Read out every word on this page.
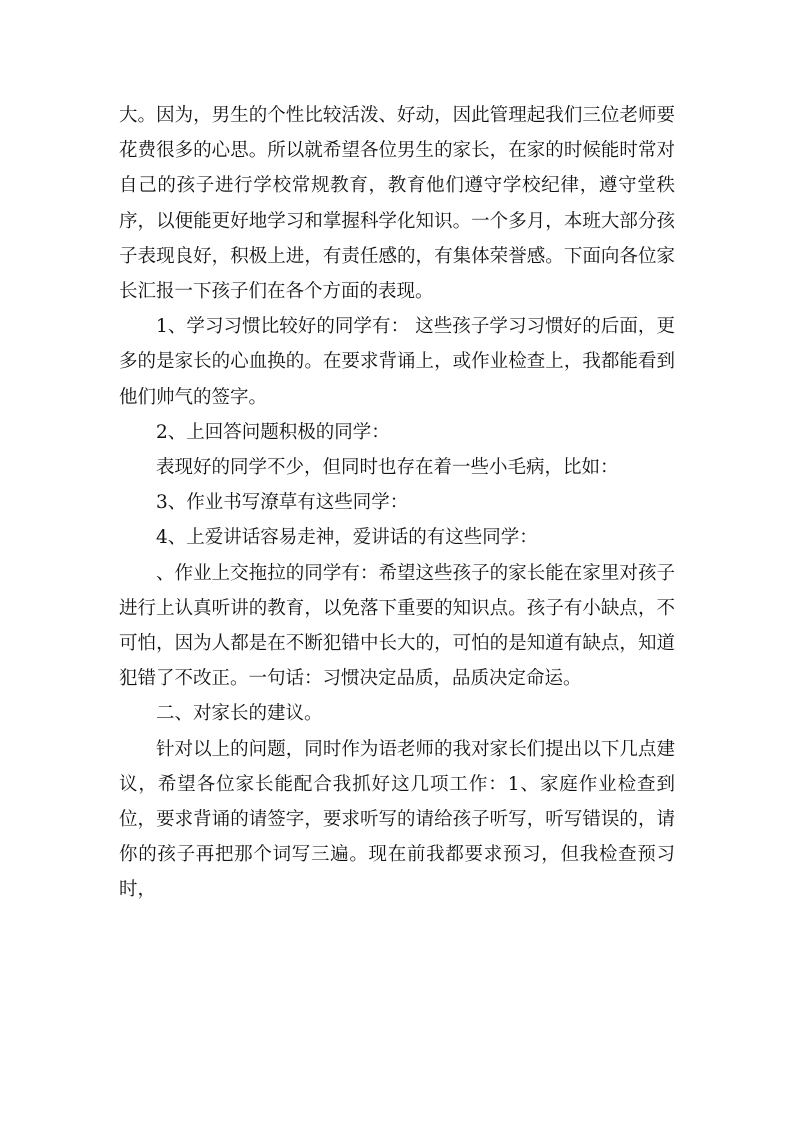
大。因为，男生的个性比较活泼、好动，因此管理起我们三位老师要花费很多的心思。所以就希望各位男生的家长，在家的时候能时常对自己的孩子进行学校常规教育，教育他们遵守学校纪律，遵守堂秩序，以便能更好地学习和掌握科学化知识。一个多月，本班大部分孩子表现良好，积极上进，有责任感的，有集体荣誉感。下面向各位家长汇报一下孩子们在各个方面的表现。

1、学习习惯比较好的同学有： 这些孩子学习习惯好的后面，更多的是家长的心血换的。在要求背诵上，或作业检查上，我都能看到他们帅气的签字。

2、上回答问题积极的同学：

表现好的同学不少，但同时也存在着一些小毛病，比如：

3、作业书写潦草有这些同学：

4、上爱讲话容易走神，爱讲话的有这些同学：

、作业上交拖拉的同学有：希望这些孩子的家长能在家里对孩子进行上认真听讲的教育，以免落下重要的知识点。孩子有小缺点，不可怕，因为人都是在不断犯错中长大的，可怕的是知道有缺点，知道犯错了不改正。一句话：习惯决定品质，品质决定命运。

二、对家长的建议。

针对以上的问题，同时作为语老师的我对家长们提出以下几点建议，希望各位家长能配合我抓好这几项工作：1、家庭作业检查到位，要求背诵的请签字，要求听写的请给孩子听写，听写错误的，请你的孩子再把那个词写三遍。现在前我都要求预习，但我检查预习时，
